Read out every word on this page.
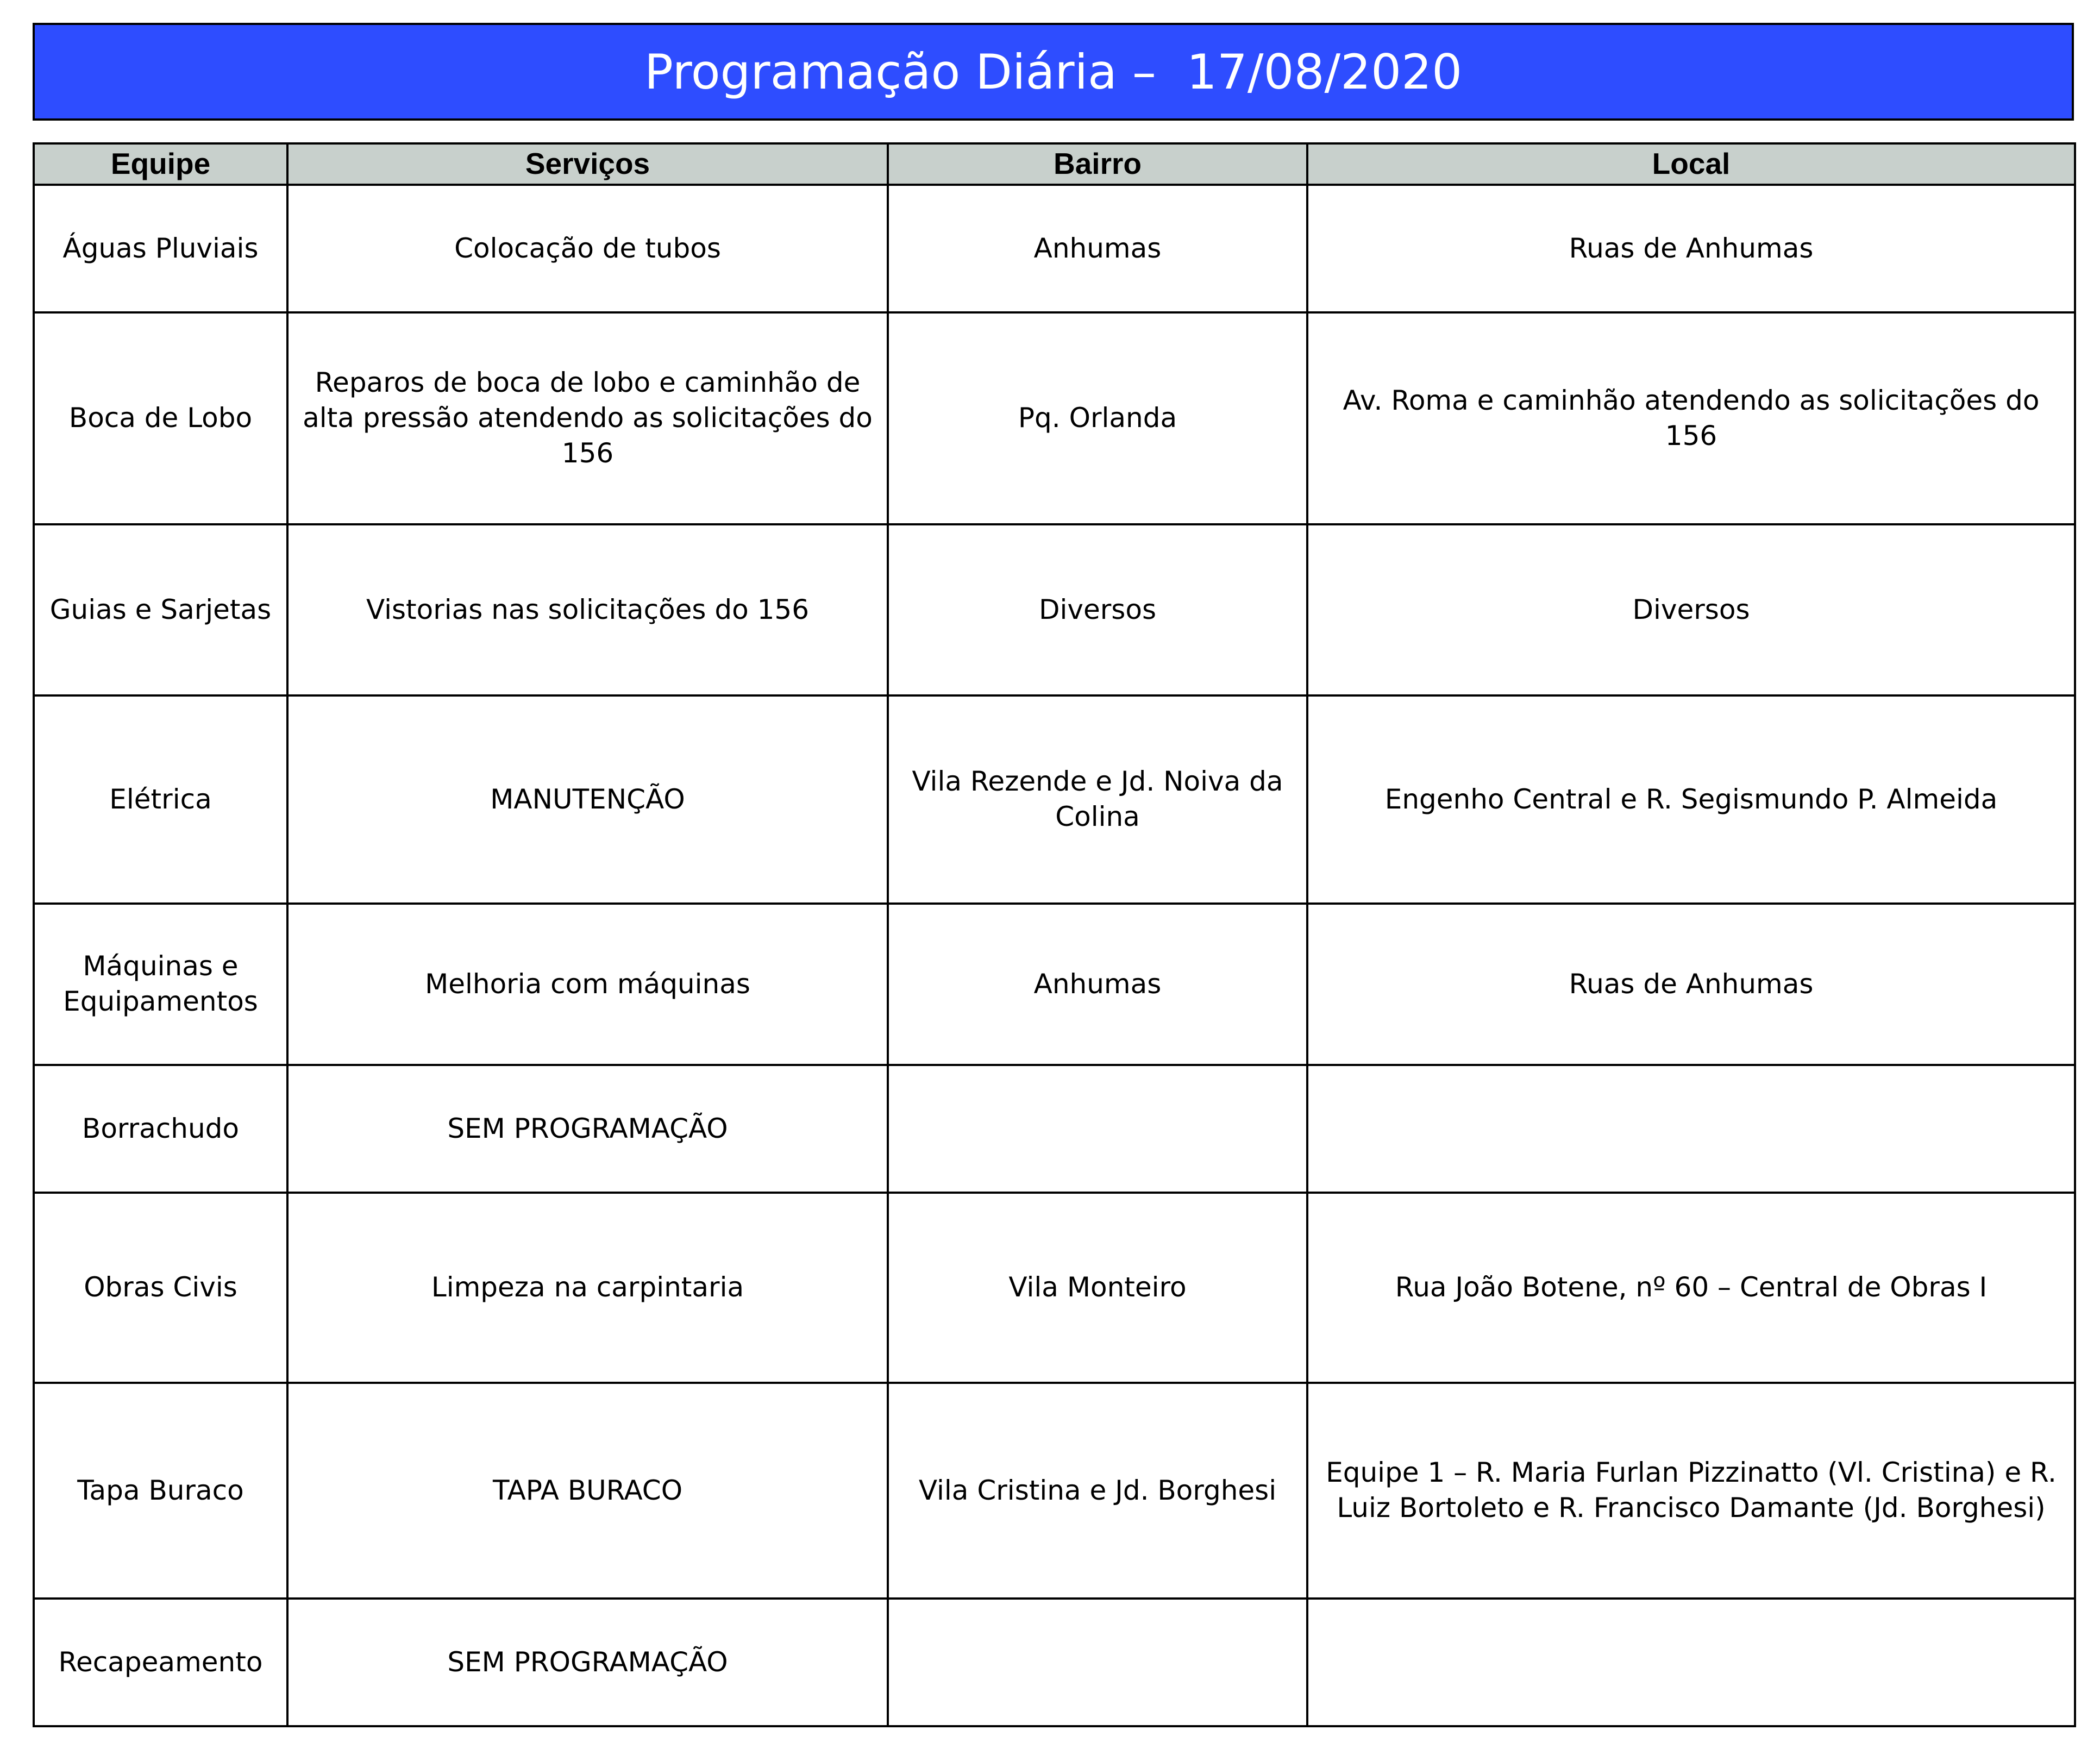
Programação Diária –  17/08/2020
Equipe	Serviços	Bairro	Local
Águas Pluviais	Colocação de tubos	Anhumas	Ruas de Anhumas
Boca de Lobo	Reparos de boca de lobo e caminhão de alta pressão atendendo as solicitações do 156	Pq. Orlanda	Av. Roma e caminhão atendendo as solicitações do 156
Guias e Sarjetas	Vistorias nas solicitações do 156	Diversos	Diversos
Elétrica	MANUTENÇÃO	Vila Rezende e Jd. Noiva da Colina	Engenho Central e R. Segismundo P. Almeida
Máquinas e Equipamentos	Melhoria com máquinas	Anhumas	Ruas de Anhumas
Borrachudo	SEM PROGRAMAÇÃO		
Obras Civis	Limpeza na carpintaria	Vila Monteiro	Rua João Botene, nº 60 – Central de Obras I
Tapa Buraco	TAPA BURACO	Vila Cristina e Jd. Borghesi	Equipe 1 – R. Maria Furlan Pizzinatto (Vl. Cristina) e R. Luiz Bortoleto e R. Francisco Damante (Jd. Borghesi)
Recapeamento	SEM PROGRAMAÇÃO		
